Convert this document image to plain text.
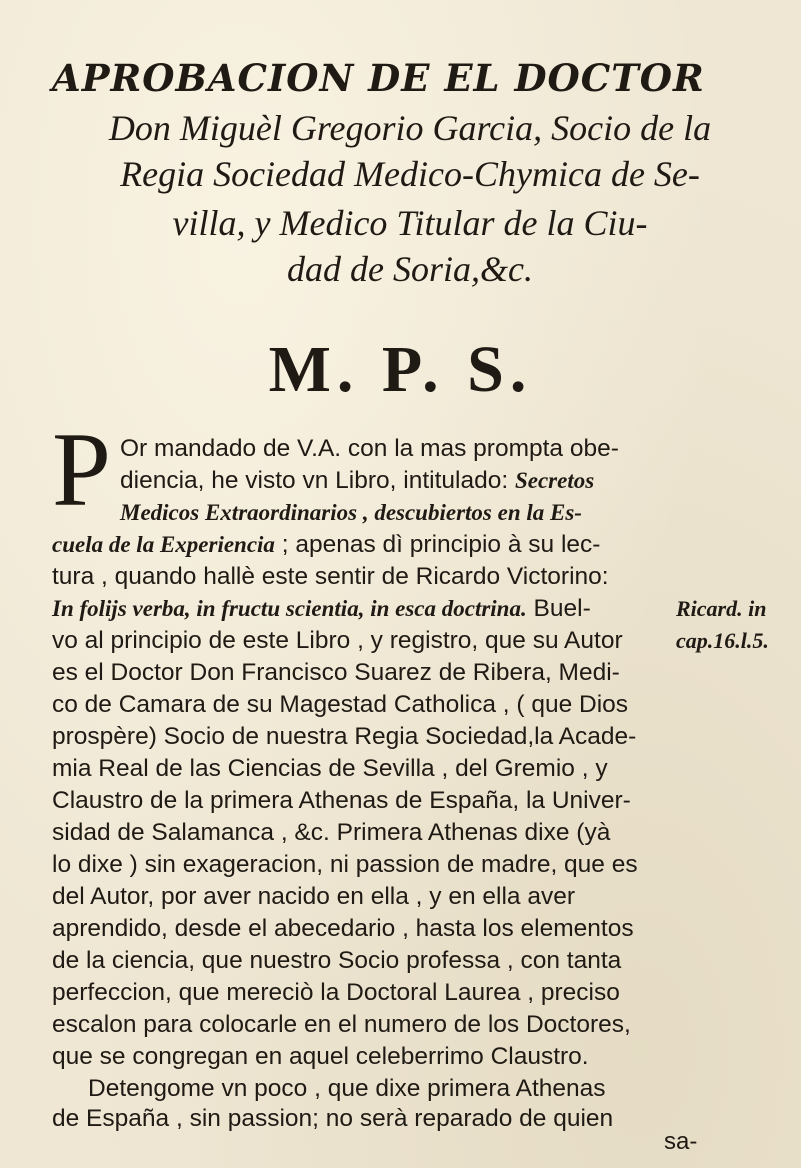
APROBACION DE EL DOCTOR
Don Miguèl Gregorio Garcia, Socio de la
Regia Sociedad Medico-Chymica de Se-
villa, y Medico Titular de la Ciu-
dad de Soria,&c.
M. P. S.
P Or mandado de V.A. con la mas prompta obe-
diencia, he visto vn Libro, intitulado: Secretos
Medicos Extraordinarios , descubiertos en la Es-
cuela de la Experiencia ; apenas dì principio à su lec-
tura , quando hallè este sentir de Ricardo Victorino:
In folijs verba, in fructu scientia, in esca doctrina. Buel-
vo al principio de este Libro , y registro, que su Autor
es el Doctor Don Francisco Suarez de Ribera, Medi-
co de Camara de su Magestad Catholica , ( que Dios
prospère) Socio de nuestra Regia Sociedad,la Acade-
mia Real de las Ciencias de Sevilla , del Gremio , y
Claustro de la primera Athenas de España, la Univer-
sidad de Salamanca , &c. Primera Athenas dixe (yà
lo dixe ) sin exageracion, ni passion de madre, que es
del Autor, por aver nacido en ella , y en ella aver
aprendido, desde el abecedario , hasta los elementos
de la ciencia, que nuestro Socio professa , con tanta
perfeccion, que mereciò la Doctoral Laurea , preciso
escalon para colocarle en el numero de los Doctores,
que se congregan en aquel celeberrimo Claustro.
Detengome vn poco , que dixe primera Athenas
de España , sin passion; no serà reparado de quien
Ricard. in
cap.16.l.5.
sa-
